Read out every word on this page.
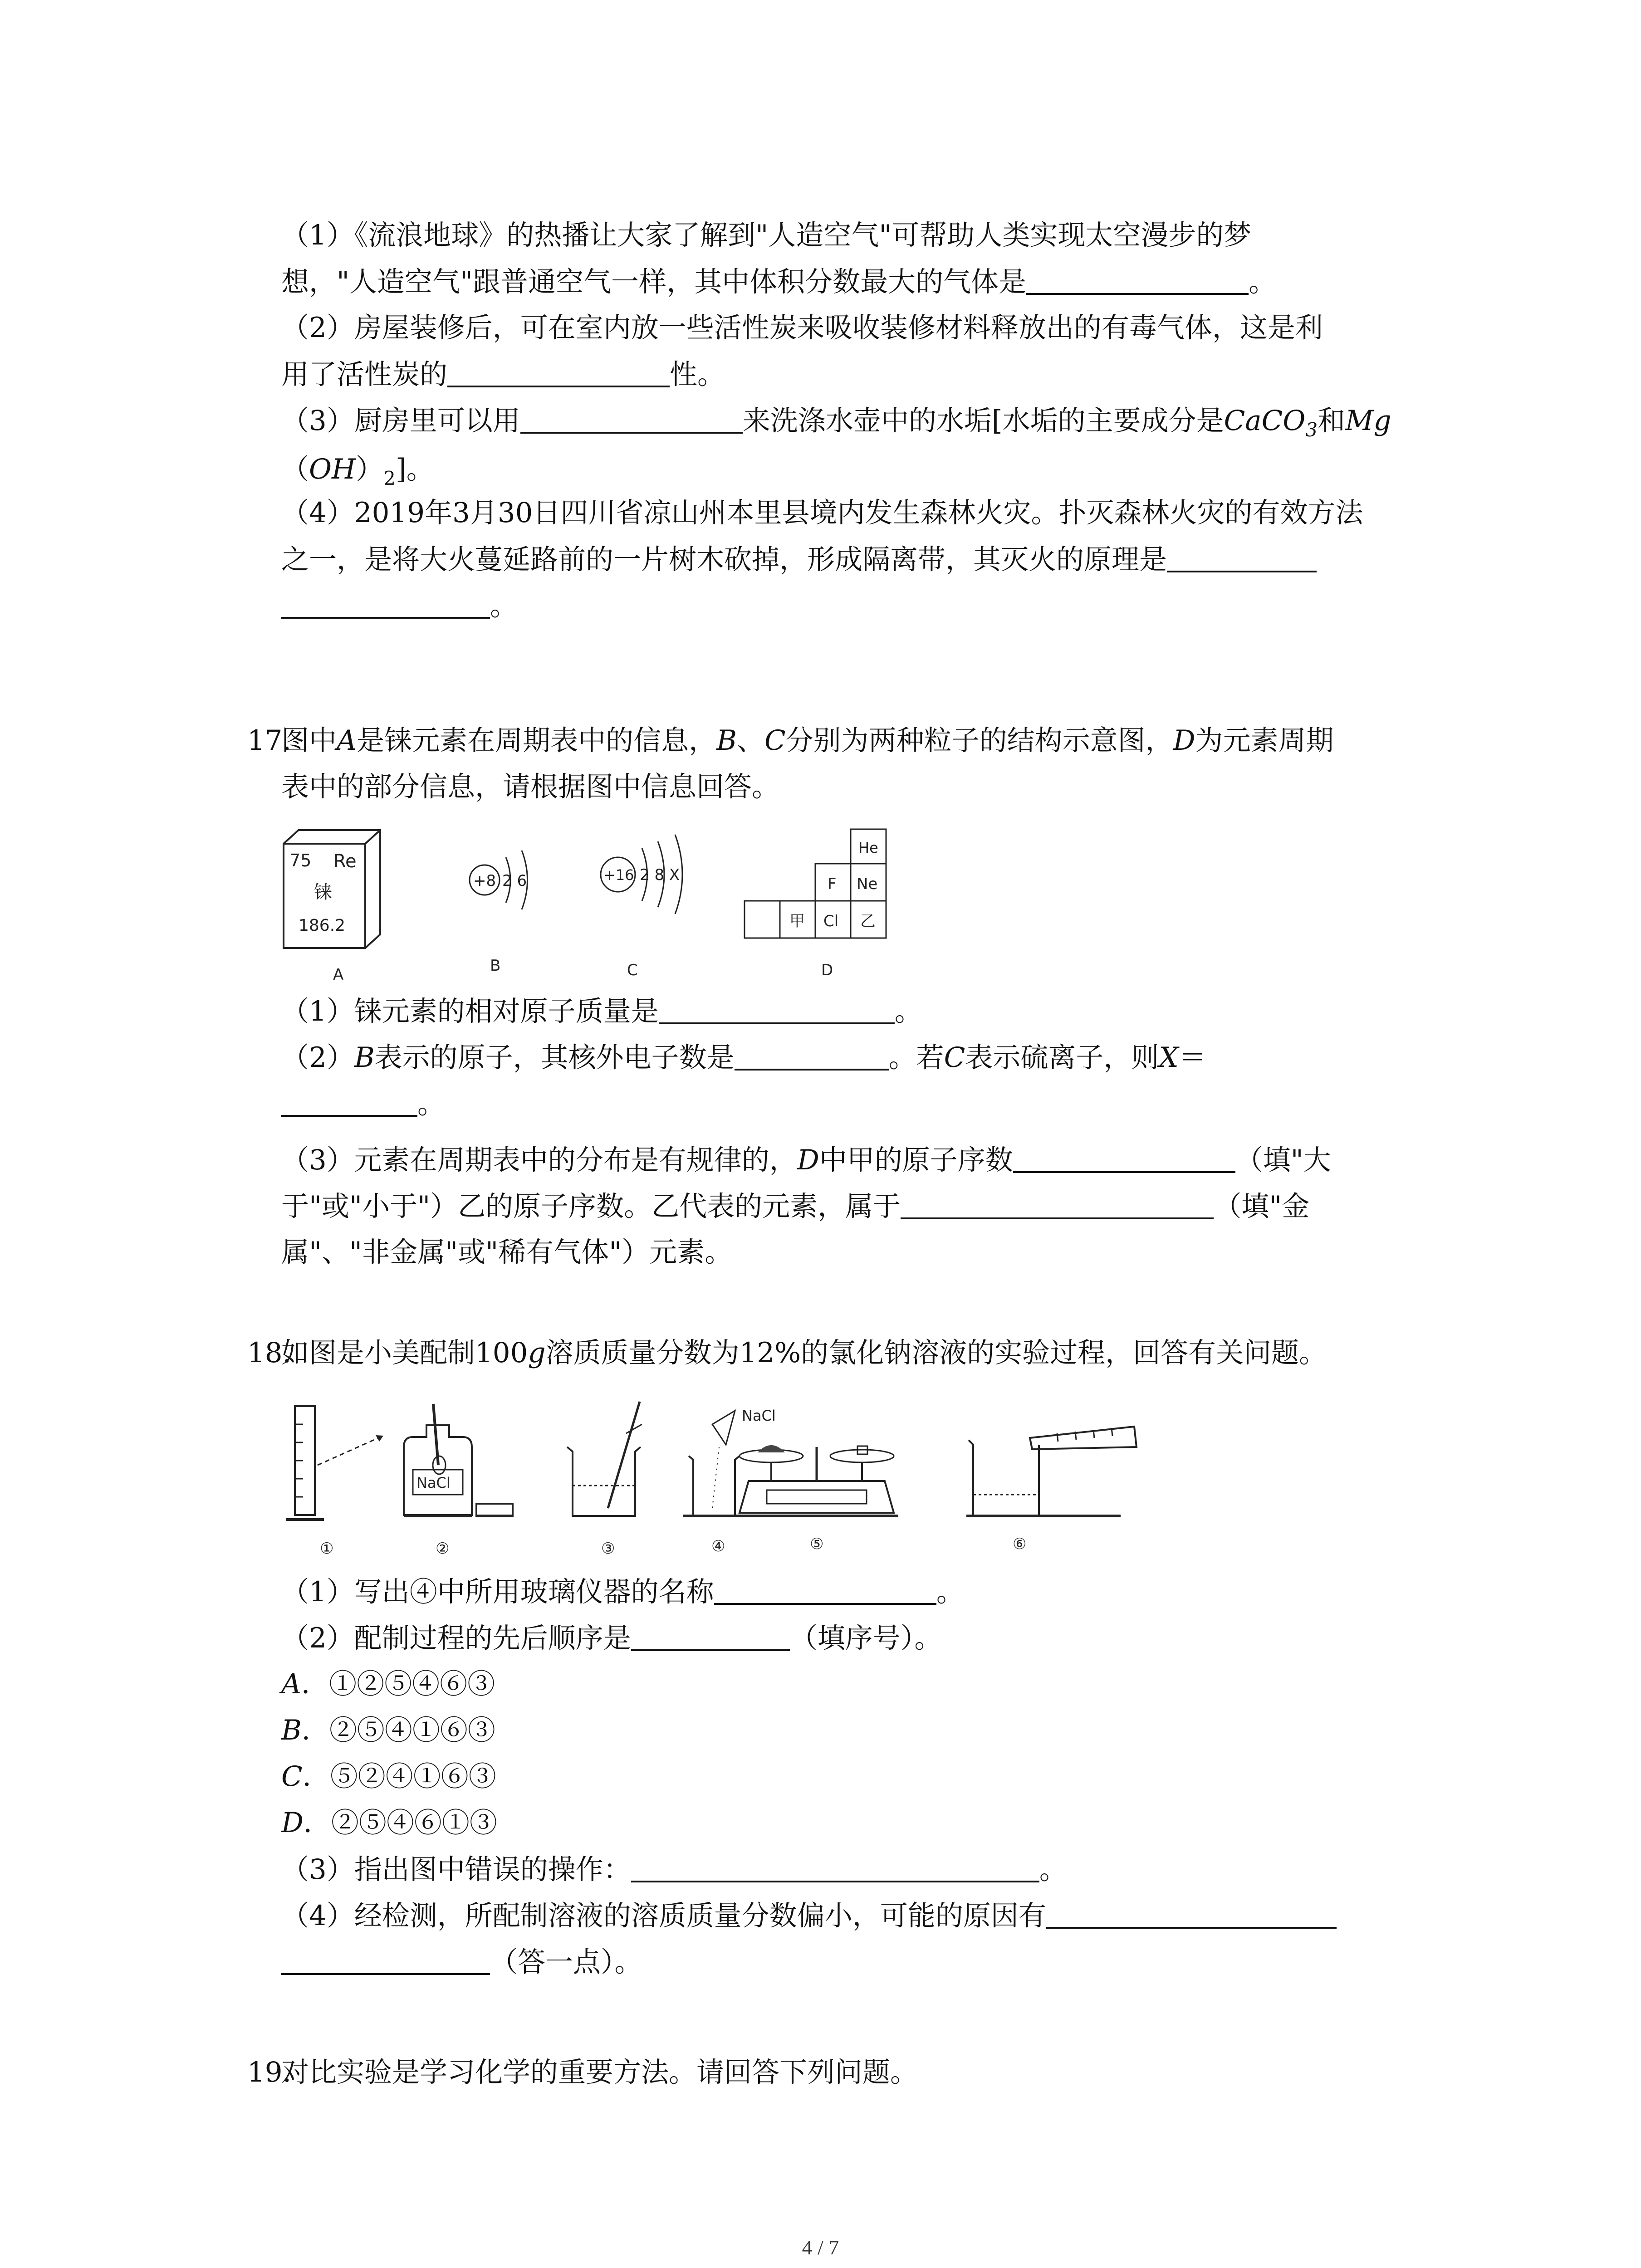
（1）《流浪地球》的热播让大家了解到"人造空气"可帮助人类实现太空漫步的梦
想，"人造空气"跟普通空气一样，其中体积分数最大的气体是	。
（2）房屋装修后，可在室内放一些活性炭来吸收装修材料释放出的有毒气体，这是利
用了活性炭的	性。
（3）厨房里可以用	来洗涤水壶中的水垢[水垢的主要成分是CaCO$_3$和Mg
$(OH)_2$]。
（4）2019年3月30日四川省凉山州本里县境内发生森林火灾。扑灭森林火灾的有效方法
之一，是将大火蔓延路前的一片树木砍掉，形成隔离带，其灭火的原理是
。
17.
图中A是铼元素在周期表中的信息，B、C分别为两种粒子的结构示意图，D为元素周期
表中的部分信息，请根据图中信息回答。
75 Re
铼
186.2
+8 2 6	+16 2 8 X
He
F Ne
甲 Cl 乙
A	B	C	D
（1）铼元素的相对原子质量是	。
（2）B表示的原子，其核外电子数是	。若C表示硫离子，则X＝
。
（3）元素在周期表中的分布是有规律的，D中甲的原子序数	（填"大
于"或"小于"）乙的原子序数。乙代表的元素，属于	（填"金
属"、"非金属"或"稀有气体"）元素。
18.
如图是小美配制100g溶质质量分数为12%的氯化钠溶液的实验过程，回答有关问题。
NaCl
NaCl
①	②	③	④	⑤	⑥
（1）写出④中所用玻璃仪器的名称	。
（2）配制过程的先后顺序是	（填序号）。
A．①②⑤④⑥③
B．②⑤④①⑥③
C．⑤②④①⑥③
D．②⑤④⑥①③
（3）指出图中错误的操作：	。
（4）经检测，所配制溶液的溶质质量分数偏小，可能的原因有
（答一点）。
19.
对比实验是学习化学的重要方法。请回答下列问题。
4 / 7
